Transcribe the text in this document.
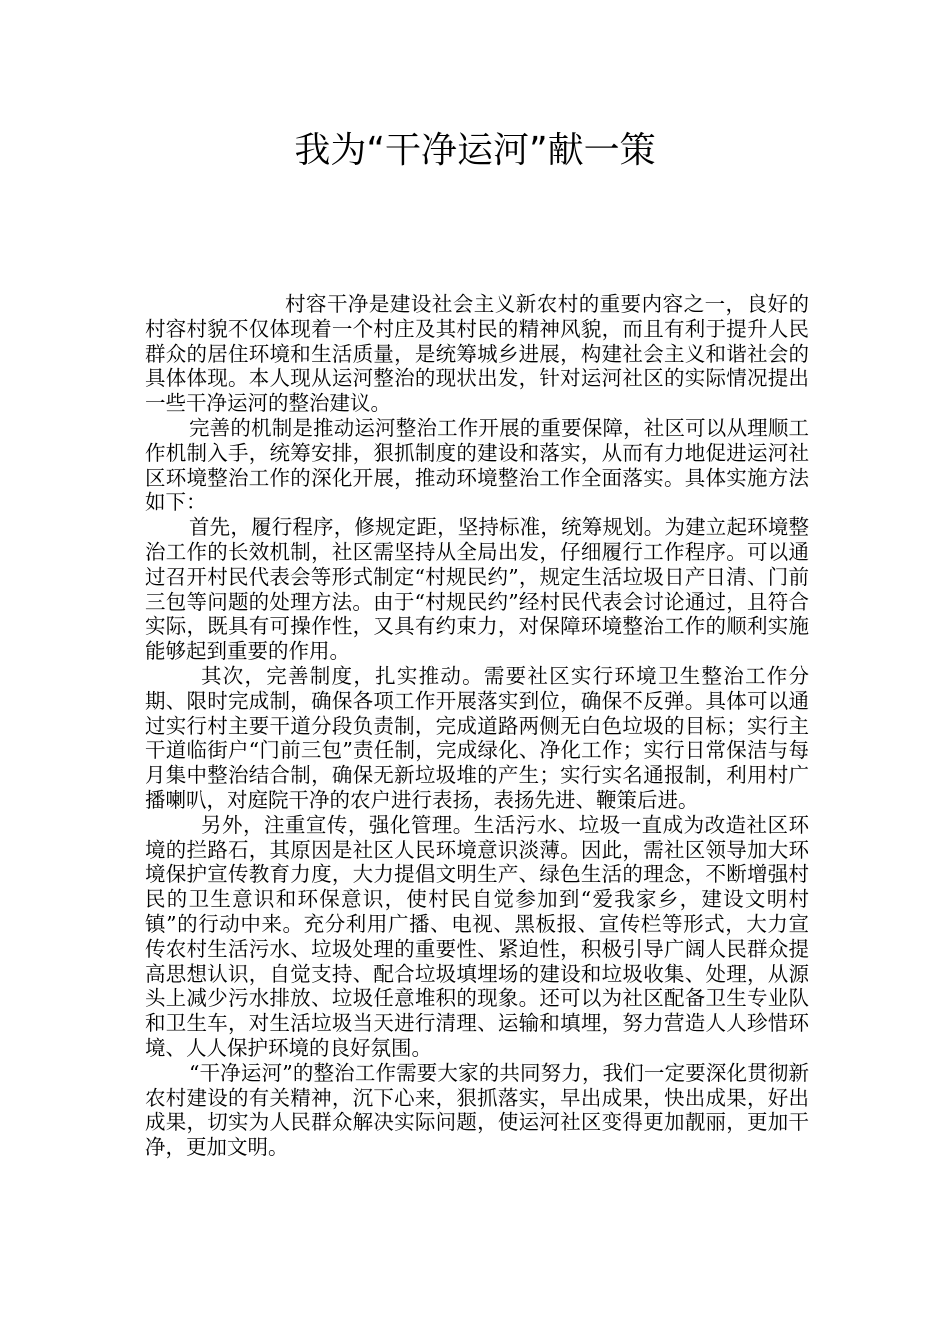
我为“干净运河”献一策

村容干净是建设社会主义新农村的重要内容之一，良好的村容村貌不仅体现着一个村庄及其村民的精神风貌，而且有利于提升人民群众的居住环境和生活质量，是统筹城乡进展，构建社会主义和谐社会的具体体现。本人现从运河整治的现状出发，针对运河社区的实际情况提出一些干净运河的整治建议。

完善的机制是推动运河整治工作开展的重要保障，社区可以从理顺工作机制入手，统筹安排，狠抓制度的建设和落实，从而有力地促进运河社区环境整治工作的深化开展，推动环境整治工作全面落实。具体实施方法如下：

首先，履行程序，修规定距，坚持标准，统筹规划。为建立起环境整治工作的长效机制，社区需坚持从全局出发，仔细履行工作程序。可以通过召开村民代表会等形式制定“村规民约”，规定生活垃圾日产日清、门前三包等问题的处理方法。由于“村规民约”经村民代表会讨论通过，且符合实际，既具有可操作性，又具有约束力，对保障环境整治工作的顺利实施能够起到重要的作用。

其次，完善制度，扎实推动。需要社区实行环境卫生整治工作分期、限时完成制，确保各项工作开展落实到位，确保不反弹。具体可以通过实行村主要干道分段负责制，完成道路两侧无白色垃圾的目标；实行主干道临街户“门前三包”责任制，完成绿化、净化工作；实行日常保洁与每月集中整治结合制，确保无新垃圾堆的产生；实行实名通报制，利用村广播喇叭，对庭院干净的农户进行表扬，表扬先进、鞭策后进。

另外，注重宣传，强化管理。生活污水、垃圾一直成为改造社区环境的拦路石，其原因是社区人民环境意识淡薄。因此，需社区领导加大环境保护宣传教育力度，大力提倡文明生产、绿色生活的理念，不断增强村民的卫生意识和环保意识，使村民自觉参加到“爱我家乡，建设文明村镇”的行动中来。充分利用广播、电视、黑板报、宣传栏等形式，大力宣传农村生活污水、垃圾处理的重要性、紧迫性，积极引导广阔人民群众提高思想认识，自觉支持、配合垃圾填埋场的建设和垃圾收集、处理，从源头上减少污水排放、垃圾任意堆积的现象。还可以为社区配备卫生专业队和卫生车，对生活垃圾当天进行清理、运输和填埋，努力营造人人珍惜环境、人人保护环境的良好氛围。

“干净运河”的整治工作需要大家的共同努力，我们一定要深化贯彻新农村建设的有关精神，沉下心来，狠抓落实，早出成果，快出成果，好出成果，切实为人民群众解决实际问题，使运河社区变得更加靓丽，更加干净，更加文明。
